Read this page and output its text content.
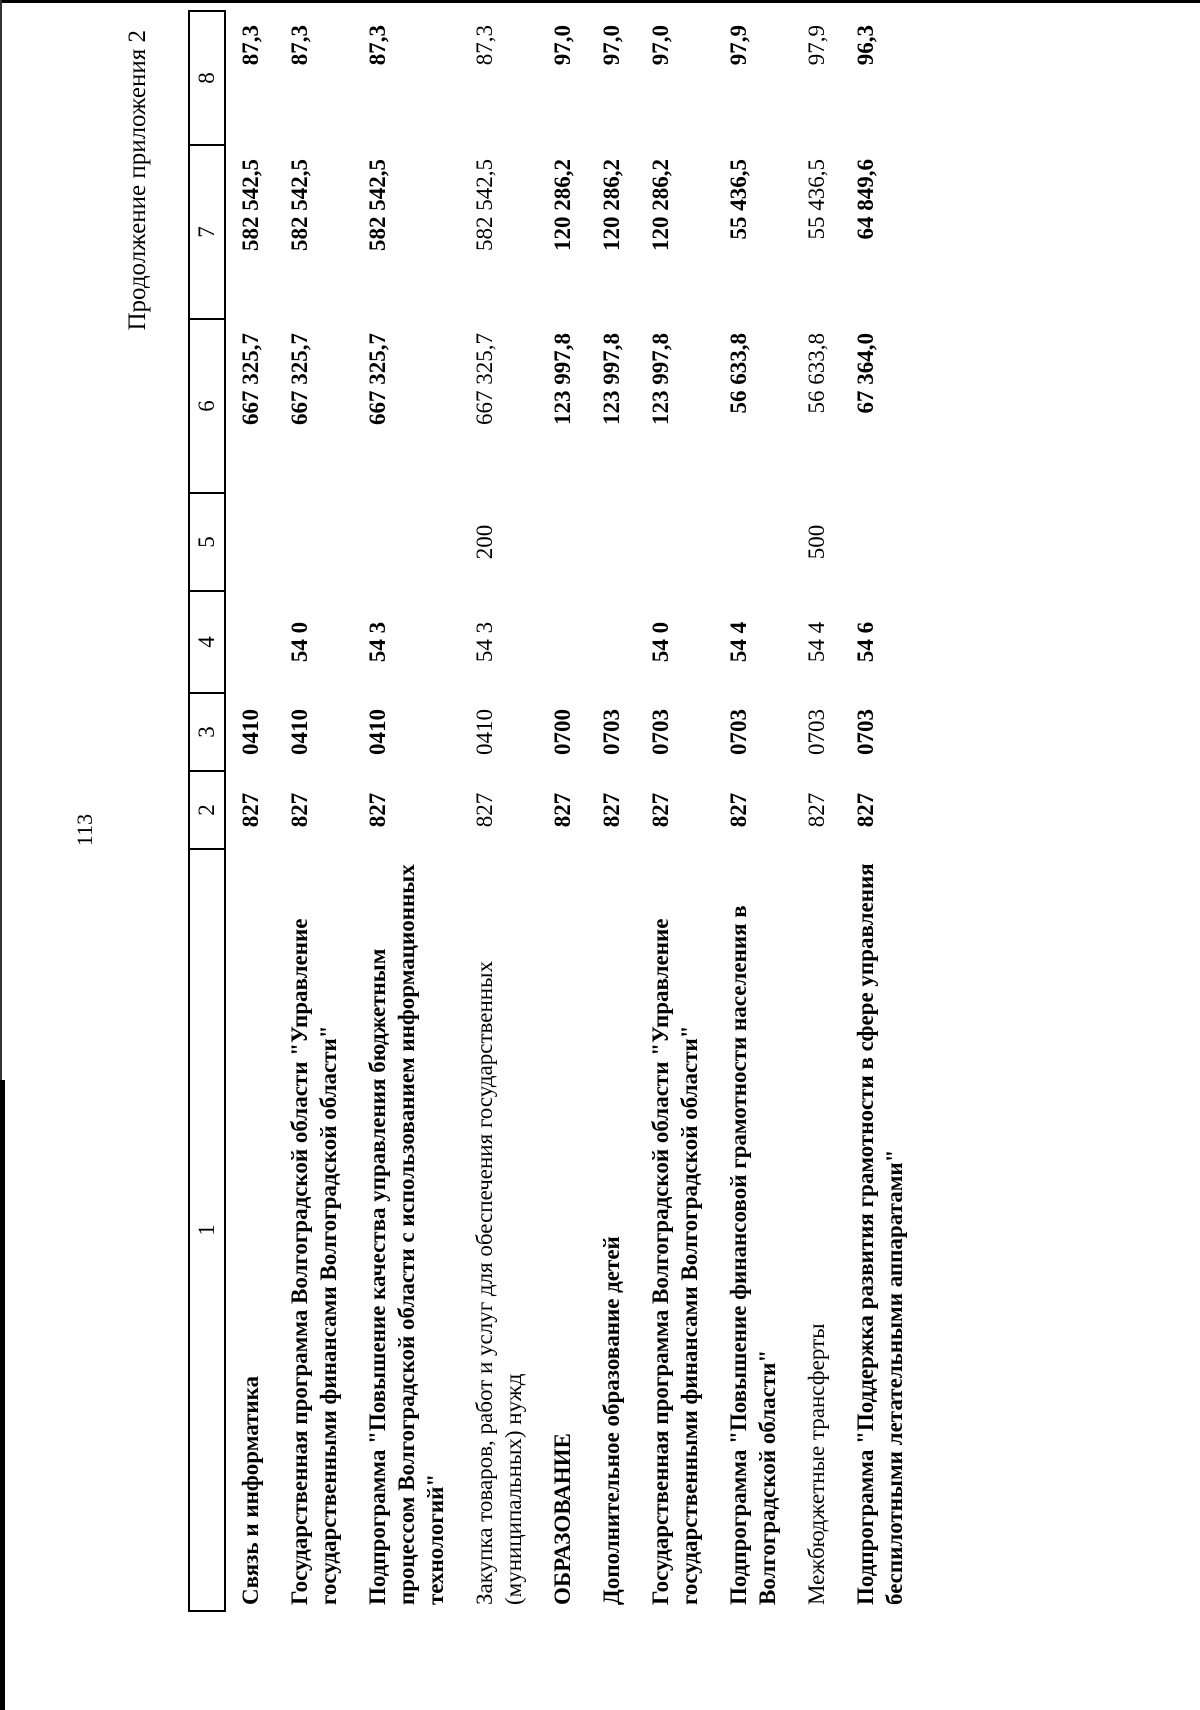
113
Продолжение приложения 2
1	2	3	4	5	6	7	8
Связь и информатика	827	0410			667 325,7	582 542,5	87,3
Государственная программа Волгоградской области "Управление государственными финансами Волгоградской области"	827	0410	54 0		667 325,7	582 542,5	87,3
Подпрограмма "Повышение качества управления бюджетным процессом Волгоградской области с использованием информационных технологий"	827	0410	54 3		667 325,7	582 542,5	87,3
Закупка товаров, работ и услуг для обеспечения государственных (муниципальных) нужд	827	0410	54 3	200	667 325,7	582 542,5	87,3
ОБРАЗОВАНИЕ	827	0700			123 997,8	120 286,2	97,0
Дополнительное образование детей	827	0703			123 997,8	120 286,2	97,0
Государственная программа Волгоградской области "Управление государственными финансами Волгоградской области"	827	0703	54 0		123 997,8	120 286,2	97,0
Подпрограмма "Повышение финансовой грамотности населения в Волгоградской области"	827	0703	54 4		56 633,8	55 436,5	97,9
Межбюджетные трансферты	827	0703	54 4	500	56 633,8	55 436,5	97,9
Подпрограмма "Поддержка развития грамотности в сфере управления беспилотными летательными аппаратами"	827	0703	54 6		67 364,0	64 849,6	96,3
